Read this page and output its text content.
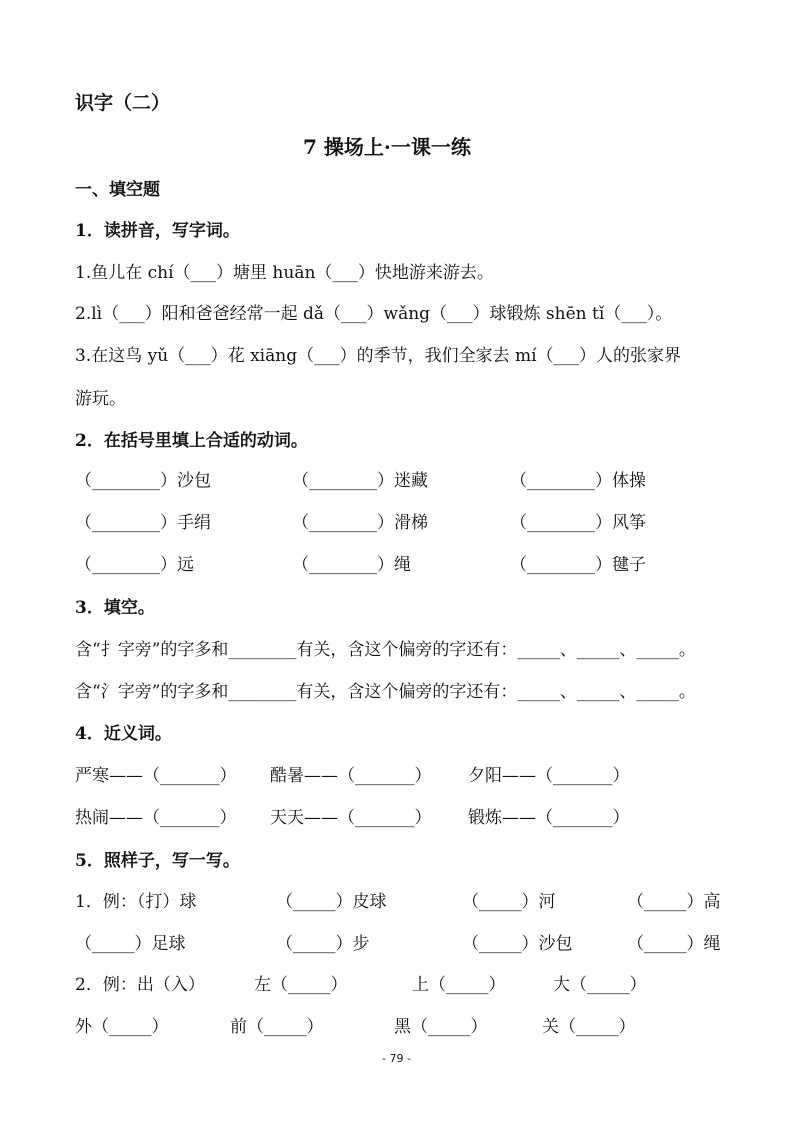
识字（二）
7 操场上·一课一练
一、填空题
1．读拼音，写字词。
1.鱼儿在 chí（___）塘里 huān（___）快地游来游去。
2.lì（___）阳和爸爸经常一起 dǎ（___）wǎng（___）球锻炼 shēn tǐ（___）。
3.在这鸟 yǔ（___）花 xiāng（___）的季节，我们全家去 mí（___）人的张家界
游玩。
2．在括号里填上合适的动词。
（________）沙包	（________）迷藏	（________）体操
（________）手绢	（________）滑梯	（________）风筝
（________）远	（________）绳	（________）毽子
3．填空。
含“扌字旁”的字多和________有关，含这个偏旁的字还有：_____、_____、_____。
含“氵字旁”的字多和________有关，含这个偏旁的字还有：_____、_____、_____。
4．近义词。
严寒——（_______） 酷暑——（_______） 夕阳——（_______）
热闹——（_______） 天天——（_______） 锻炼——（_______）
5．照样子，写一写。
1．例：（打）球	（_____）皮球	（_____）河	（_____）高
（_____）足球	（_____）步	（_____）沙包	（_____）绳
2．例：出（入）	左（_____）	上（_____）	大（_____）
外（_____）	前（_____）	黑（_____）	关（_____）
- 79 -
